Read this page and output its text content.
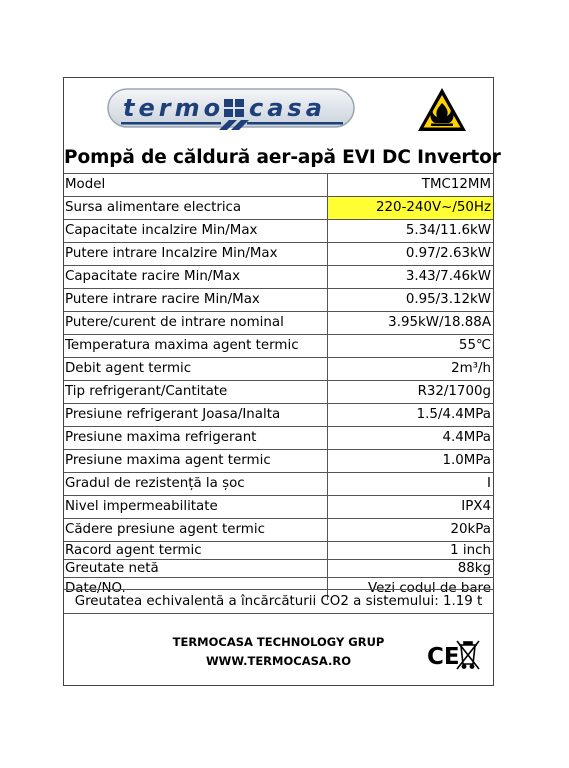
termo casa
Pompă de căldură aer-apă EVI DC Invertor
Model	TMC12MM
Sursa alimentare electrica	220-240V~/50Hz
Capacitate incalzire Min/Max	5.34/11.6kW
Putere intrare Incalzire Min/Max	0.97/2.63kW
Capacitate racire Min/Max	3.43/7.46kW
Putere intrare racire Min/Max	0.95/3.12kW
Putere/curent de intrare nominal	3.95kW/18.88A
Temperatura maxima agent termic	55℃
Debit agent termic	2m³/h
Tip refrigerant/Cantitate	R32/1700g
Presiune refrigerant Joasa/Inalta	1.5/4.4MPa
Presiune maxima refrigerant	4.4MPa
Presiune maxima agent termic	1.0MPa
Gradul de rezistență la șoc	I
Nivel impermeabilitate	IPX4
Cădere presiune agent termic	20kPa
Racord agent termic	1 inch
Greutate netă	88kg
Date/NO.	Vezi codul de bare
Greutatea echivalentă a încărcăturii CO2 a sistemului: 1.19 t
TERMOCASA TECHNOLOGY GRUP
WWW.TERMOCASA.RO	CE
